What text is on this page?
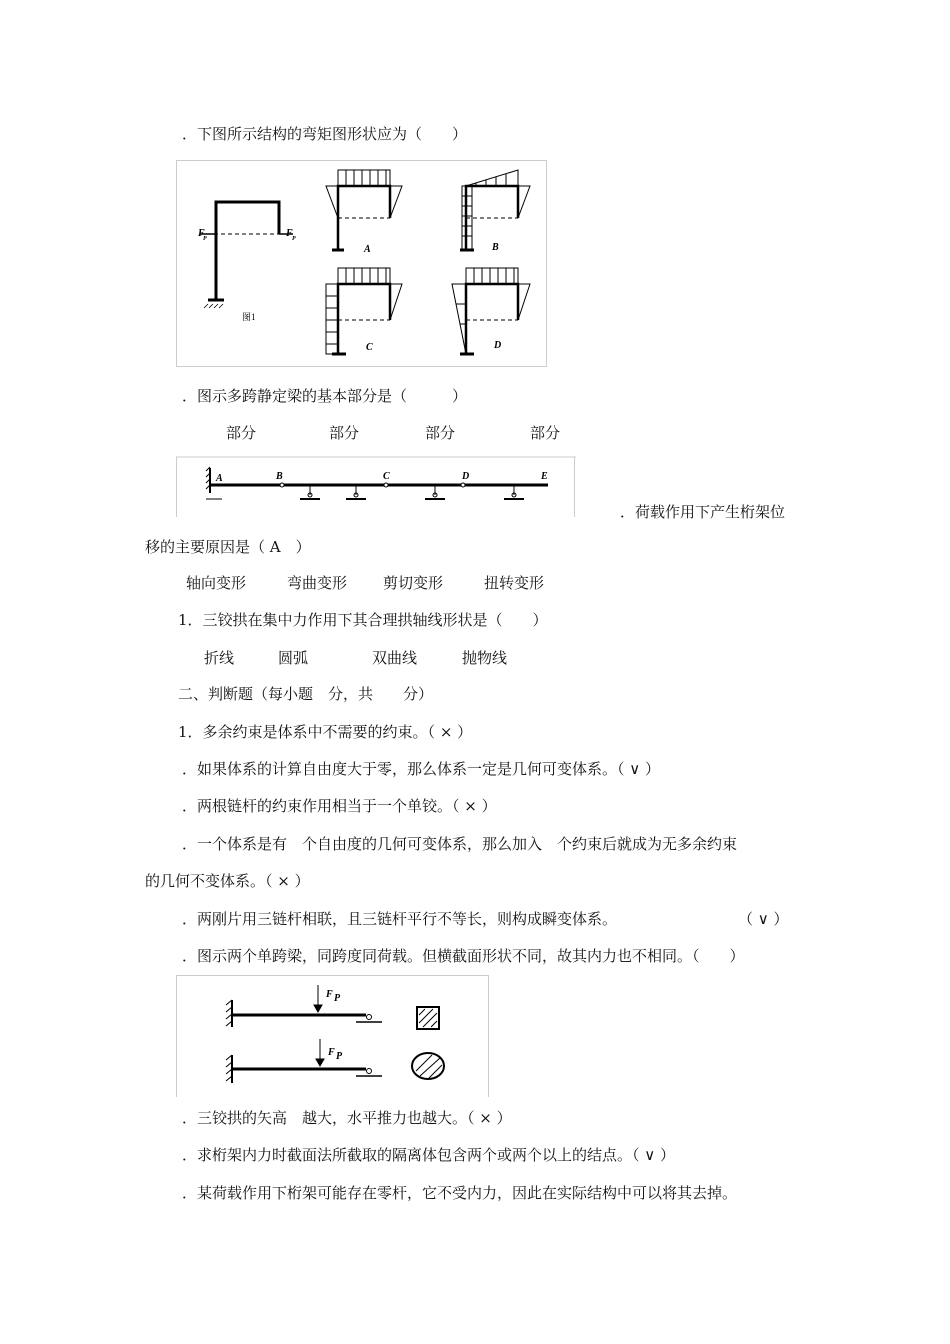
．下图所示结构的弯矩图形状应为（　　）
F
P	F P
图1
A	B
C	D
．图示多跨静定梁的基本部分是（　　　）
部分	部分	部分	部分
A	B	C	D	E
．荷载作用下产生桁架位
移的主要原因是（ A　）
轴向变形	弯曲变形 剪切变形	扭转变形
1．三铰拱在集中力作用下其合理拱轴线形状是（　　）
折线	圆弧	双曲线	抛物线
二、判断题（每小题　分，共　　分）
1．多余约束是体系中不需要的约束。（ × ）
．如果体系的计算自由度大于零，那么体系一定是几何可变体系。（ ∨ ）
．两根链杆的约束作用相当于一个单铰。（ × ）
．一个体系是有　个自由度的几何可变体系，那么加入　个约束后就成为无多余约束
的几何不变体系。（ × ）
．两刚片用三链杆相联，且三链杆平行不等长，则构成瞬变体系。	（ ∨ ）
．图示两个单跨梁，同跨度同荷载。但横截面形状不同，故其内力也不相同。（　　）
F P
F P
．三铰拱的矢高　越大，水平推力也越大。（ × ）
．求桁架内力时截面法所截取的隔离体包含两个或两个以上的结点。（ ∨ ）
．某荷载作用下桁架可能存在零杆，它不受内力，因此在实际结构中可以将其去掉。
